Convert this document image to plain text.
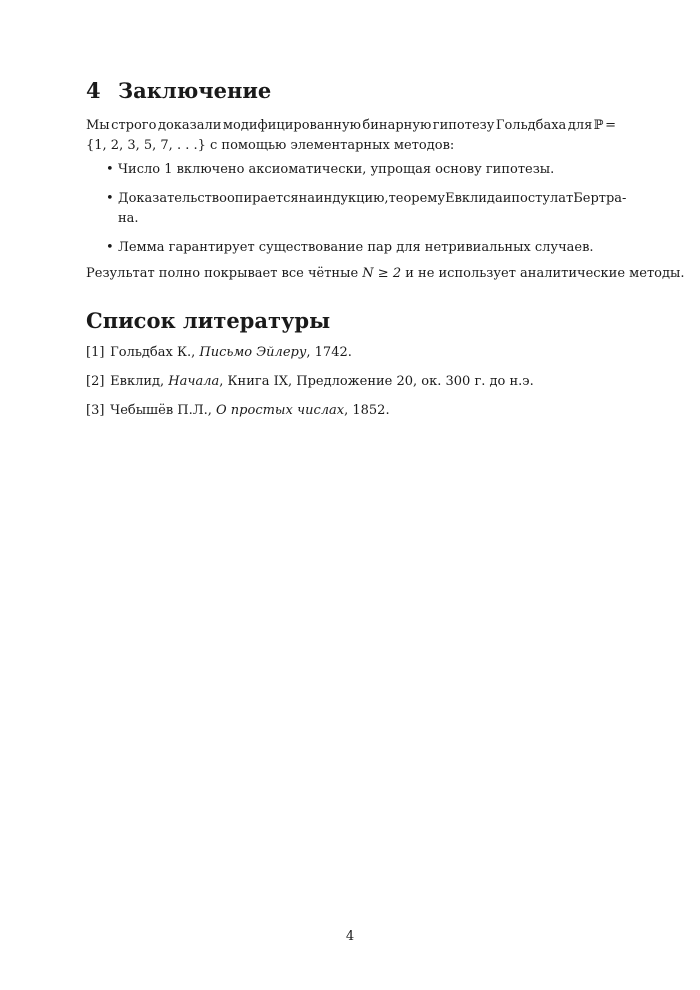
4 Заключение
Мы строго доказали модифицированную бинарную гипотезу Гольдбаха для ℙ =
{1, 2, 3, 5, 7, . . .} с помощью элементарных методов:
• Число 1 включено аксиоматически, упрощая основу гипотезы.
• Доказательство опирается на индукцию, теорему Евклида и постулат Бертра-
на.
• Лемма гарантирует существование пар для нетривиальных случаев.
Результат полно покрывает все чётные N ≥ 2 и не использует аналитические методы.
Список литературы
[1] Гольдбах К., Письмо Эйлеру, 1742.
[2] Евклид, Начала, Книга IX, Предложение 20, ок. 300 г. до н.э.
[3] Чебышёв П.Л., О простых числах, 1852.
4
